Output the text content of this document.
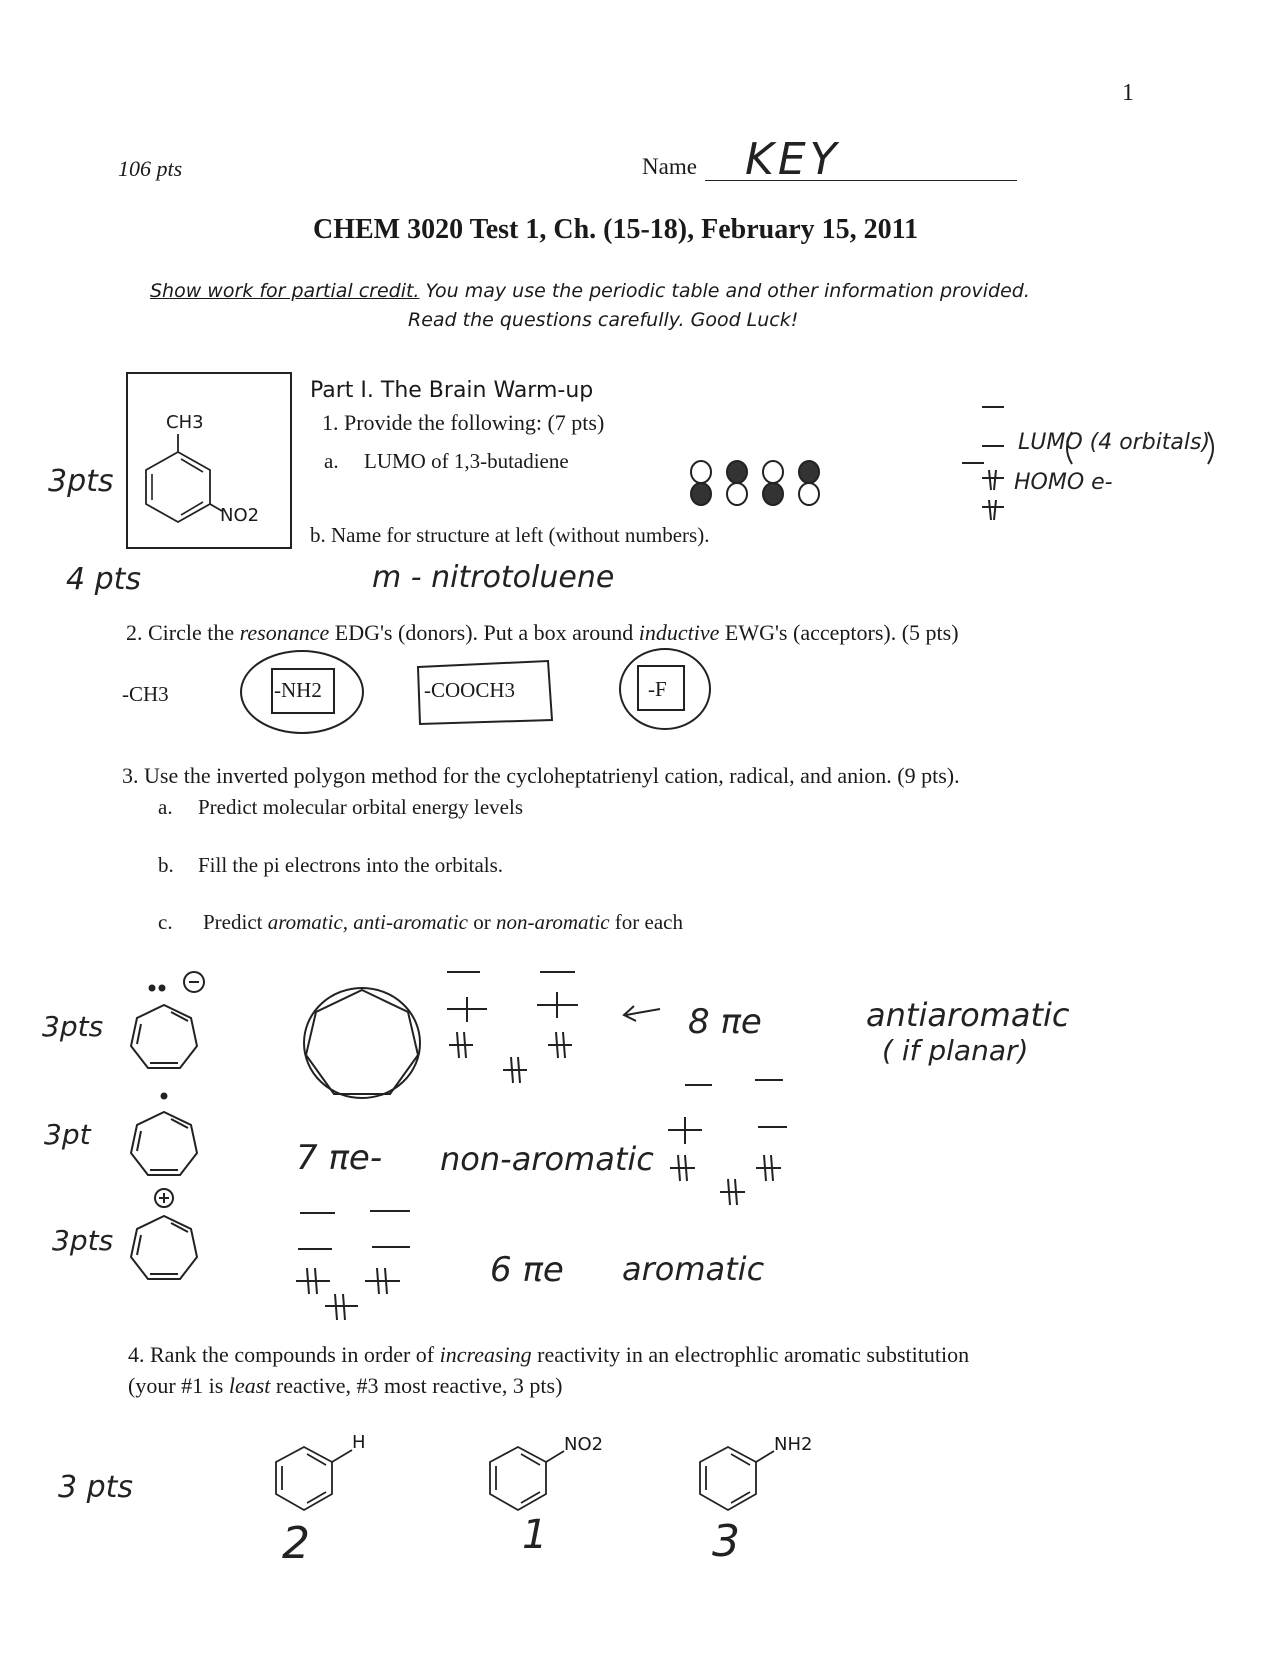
1
106 pts	Name KEY
CHEM 3020 Test 1, Ch. (15-18), February 15, 2011
Show work for partial credit. You may use the periodic table and other information provided.
Read the questions carefully. Good Luck!
CH3
NO2
Part I. The Brain Warm-up
1. Provide the following: (7 pts)
a. LUMO of 1,3-butadiene
b. Name for structure at left (without numbers).
m - nitrotoluene
3pts
4 pts
LUMO (4 orbitals)
HOMO e-
2. Circle the resonance EDG's (donors). Put a box around inductive EWG's (acceptors). (5 pts)
-CH3	-NH2	-COOCH3	-F
3. Use the inverted polygon method for the cycloheptatrienyl cation, radical, and anion. (9 pts).
a. Predict molecular orbital energy levels
b. Fill the pi electrons into the orbitals.
c. Predict aromatic, anti-aromatic or non-aromatic for each
3pts
3pt
3pts
8 πe	antiaromatic
( if planar)
7 πe- non-aromatic
6 πe aromatic
4. Rank the compounds in order of increasing reactivity in an electrophlic aromatic substitution
(your #1 is least reactive, #3 most reactive, 3 pts)
3 pts
H	NO2	NH2
2	1	3
